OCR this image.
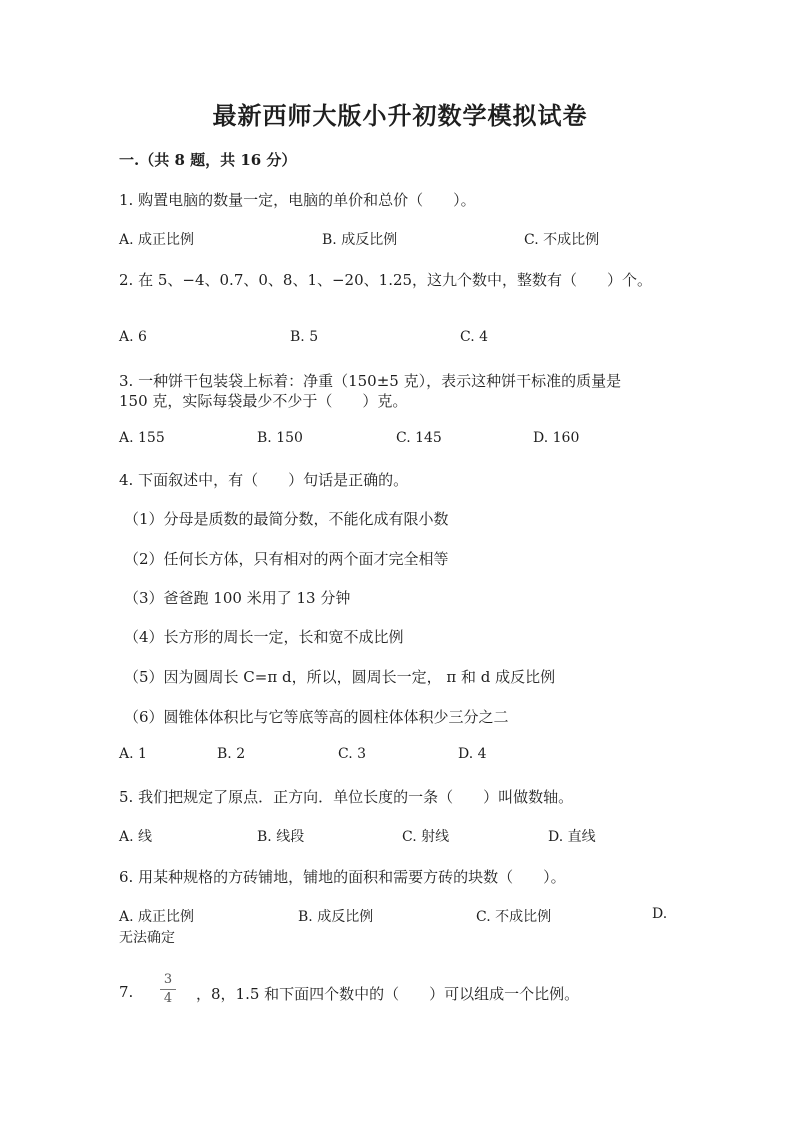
最新西师大版小升初数学模拟试卷
一.（共 8 题，共 16 分）
1. 购置电脑的数量一定，电脑的单价和总价（　　）。
A. 成正比例	B. 成反比例	C. 不成比例
2. 在 5、−4、0.7、0、8、1、−20、1.25，这九个数中，整数有（　　）个。
A. 6	B. 5	C. 4
3. 一种饼干包装袋上标着：净重（150±5 克），表示这种饼干标准的质量是
150 克，实际每袋最少不少于（　　）克。
A. 155	B. 150	C. 145	D. 160
4. 下面叙述中，有（　　）句话是正确的。
（1）分母是质数的最简分数，不能化成有限小数
（2）任何长方体，只有相对的两个面才完全相等
（3）爸爸跑 100 米用了 13 分钟
（4）长方形的周长一定，长和宽不成比例
（5）因为圆周长 C=π d，所以，圆周长一定， π 和 d 成反比例
（6）圆锥体体积比与它等底等高的圆柱体体积少三分之二
A. 1	B. 2	C. 3	D. 4
5. 我们把规定了原点．正方向．单位长度的一条（　　）叫做数轴。
A. 线	B. 线段	C. 射线	D. 直线
6. 用某种规格的方砖铺地，铺地的面积和需要方砖的块数（　　）。
A. 成正比例	B. 成反比例	C. 不成比例	D.
无法确定
7.
3
4 ，8，1.5 和下面四个数中的（　　）可以组成一个比例。
